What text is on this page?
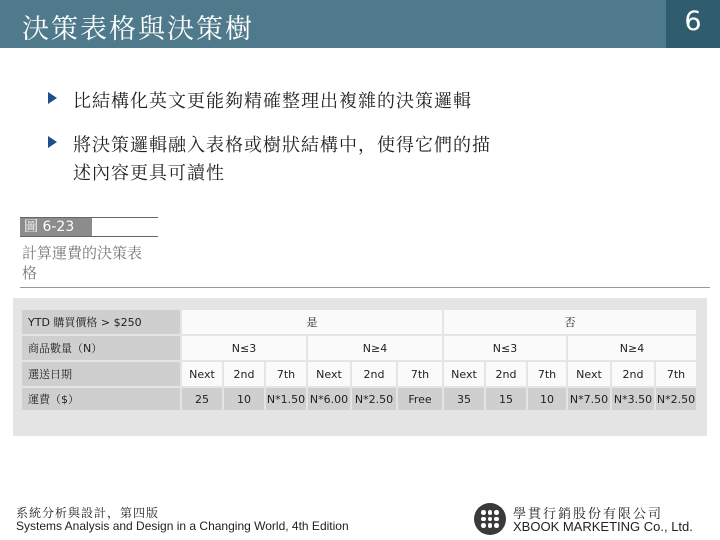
決策表格與決策樹	6
比結構化英文更能夠精確整理出複雜的決策邏輯
將決策邏輯融入表格或樹狀結構中，使得它們的描
述內容更具可讀性
圖 6-23
計算運費的決策表
格
YTD 購買價格 > $250	是						否					
商品數量（N）	N≤3			N≥4			N≤3			N≥4		
選送日期	Next	2nd	7th	Next	2nd	7th	Next	2nd	7th	Next	2nd	7th
運費（$）	25	10	N*1.50	N*6.00	N*2.50	Free	35	15	10	N*7.50	N*3.50	N*2.50
系統分析與設計，第四版
Systems Analysis and Design in a Changing World, 4th Edition
學貫行銷股份有限公司
XBOOK MARKETING Co., Ltd.
